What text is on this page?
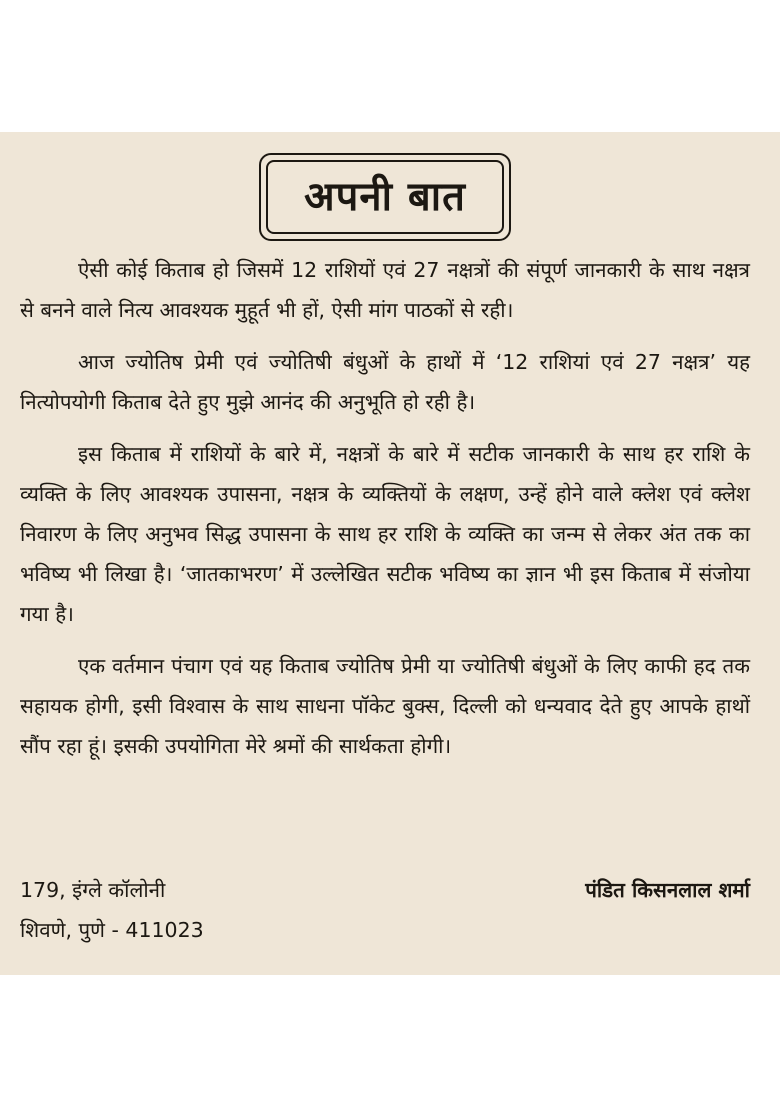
अपनी बात

ऐसी कोई किताब हो जिसमें 12 राशियों एवं 27 नक्षत्रों की संपूर्ण जानकारी के साथ नक्षत्र से बनने वाले नित्य आवश्यक मुहूर्त भी हों, ऐसी मांग पाठकों से रही।

आज ज्योतिष प्रेमी एवं ज्योतिषी बंधुओं के हाथों में ‘12 राशियां एवं 27 नक्षत्र’ यह नित्योपयोगी किताब देते हुए मुझे आनंद की अनुभूति हो रही है।

इस किताब में राशियों के बारे में, नक्षत्रों के बारे में सटीक जानकारी के साथ हर राशि के व्यक्ति के लिए आवश्यक उपासना, नक्षत्र के व्यक्तियों के लक्षण, उन्हें होने वाले क्लेश एवं क्लेश निवारण के लिए अनुभव सिद्ध उपासना के साथ हर राशि के व्यक्ति का जन्म से लेकर अंत तक का भविष्य भी लिखा है। ‘जातकाभरण’ में उल्लेखित सटीक भविष्य का ज्ञान भी इस किताब में संजोया गया है।

एक वर्तमान पंचाग एवं यह किताब ज्योतिष प्रेमी या ज्योतिषी बंधुओं के लिए काफी हद तक सहायक होगी, इसी विश्वास के साथ साधना पॉकेट बुक्स, दिल्ली को धन्यवाद देते हुए आपके हाथों सौंप रहा हूं। इसकी उपयोगिता मेरे श्रमों की सार्थकता होगी।

179, इंग्ले कॉलोनी
शिवणे, पुणे - 411023
पंडित किसनलाल शर्मा
